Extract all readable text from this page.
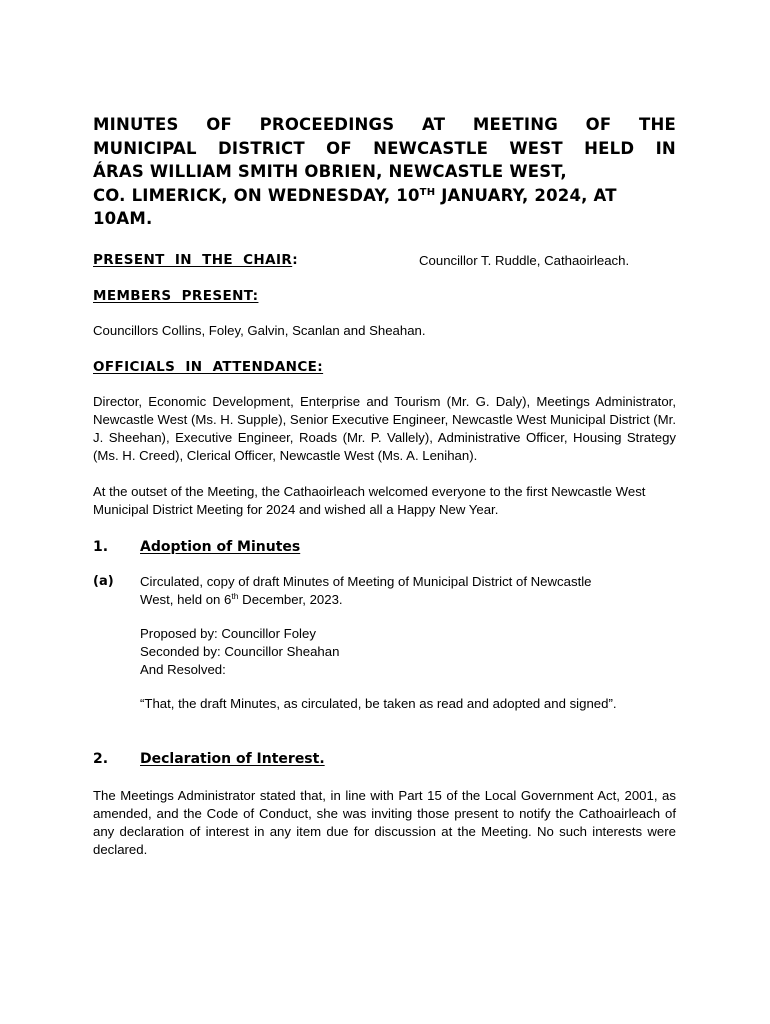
MINUTES OF PROCEEDINGS AT MEETING OF THE
MUNICIPAL DISTRICT OF NEWCASTLE WEST HELD IN
ÁRAS WILLIAM SMITH OBRIEN, NEWCASTLE WEST,
CO. LIMERICK, ON WEDNESDAY, 10TH JANUARY, 2024, AT
10AM.
PRESENT IN THE CHAIR:	Councillor T. Ruddle, Cathaoirleach.
MEMBERS PRESENT:
Councillors Collins, Foley, Galvin, Scanlan and Sheahan.
OFFICIALS IN ATTENDANCE:
Director, Economic Development, Enterprise and Tourism (Mr. G. Daly), Meetings Administrator, Newcastle West (Ms. H. Supple), Senior Executive Engineer, Newcastle West Municipal District (Mr. J. Sheehan), Executive Engineer, Roads (Mr. P. Vallely), Administrative Officer, Housing Strategy (Ms. H. Creed), Clerical Officer, Newcastle West (Ms. A. Lenihan).
At the outset of the Meeting, the Cathaoirleach welcomed everyone to the first Newcastle West Municipal District Meeting for 2024 and wished all a Happy New Year.
1. Adoption of Minutes
(a) Circulated, copy of draft Minutes of Meeting of Municipal District of Newcastle
West, held on 6th December, 2023.
Proposed by: Councillor Foley
Seconded by: Councillor Sheahan
And Resolved:
“That, the draft Minutes, as circulated, be taken as read and adopted and signed”.
2. Declaration of Interest.
The Meetings Administrator stated that, in line with Part 15 of the Local Government Act, 2001, as amended, and the Code of Conduct, she was inviting those present to notify the Cathoairleach of any declaration of interest in any item due for discussion at the Meeting. No such interests were declared.
